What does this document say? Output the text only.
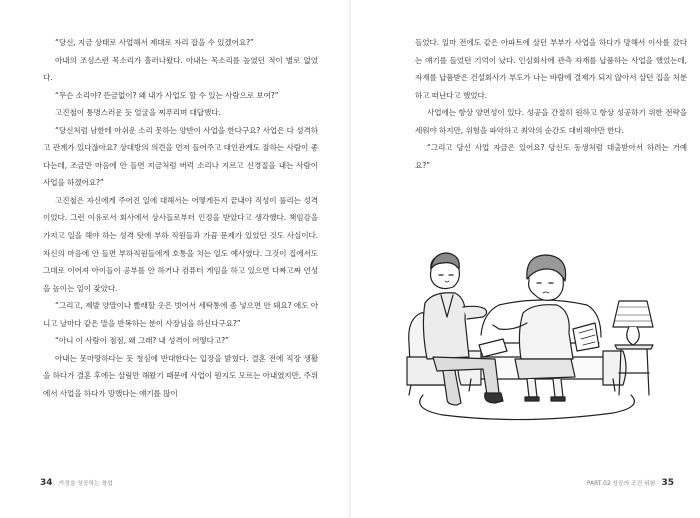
“당신, 지금 상태로 사업해서 제대로 자리 잡을 수 있겠어요?”

아내의 조심스런 목소리가 흘러나왔다. 아내는 목소리를 높였던 적이 별로 없었다.

“무슨 소리야? 뜬금없이? 왜 내가 사업도 할 수 있는 사람으로 보여?”

고진철이 퉁명스러운 듯 얼굴을 찌푸리며 대답했다.

“당신처럼 남한테 아쉬운 소리 못하는 양반이 사업을 한다구요? 사업은 다 성격하고 관계가 있다잖아요? 상대방의 의견을 먼저 들어주고 대인관계도 잘하는 사람이 좋다는데, 조금만 마음에 안 들면 지금처럼 버럭 소리나 지르고 신경질을 내는 사람이 사업을 하겠어요?”

고진철은 자신에게 주어진 일에 대해서는 어떻게든지 끝내야 직성이 풀리는 성격이었다. 그런 이유로서 회사에서 상사들로부터 인정을 받았다고 생각했다. 책임감을 가지고 일을 해야 하는 성격 탓에 부하 직원들과 가끔 문제가 있었던 것도 사실이다. 자신의 마음에 안 들면 부하직원들에게 호통을 치는 일도 예사였다. 그것이 집에서도 그대로 이어져 아이들이 공부를 안 하거나 컴퓨터 게임을 하고 있으면 다짜고짜 언성을 높이는 일이 잦았다.

“그리고, 제발 양말이나 빨래할 옷은 벗어서 세탁통에 좀 넣으면 안 돼요? 애도 아니고 날마다 같은 말을 반복하는 분이 사장님을 하신다구요?”

“아니 이 사람이 점점, 왜 그래? 내 성격이 어떻다고?”

아내는 못마땅하다는 듯 청심에 반대한다는 입장을 밝혔다. 결혼 전에 직장 생활을 하다가 결혼 후에는 살림만 해왔기 때문에 사업이 뭔지도 모르는 아내였지만, 주위에서 사업을 하다가 망했다는 얘기를 많이

34 가정을 성공하는 창업

들었다. 일마 전에도 같은 아파트에 살던 부부가 사업을 하다가 망해서 이사를 갔다는 얘기를 들었던 기억이 났다. 인심회사에 관측 자재를 납품하는 사업을 했었는데, 자재를 납품받은 건설회사가 부도가 나는 바람에 결제가 되지 않아서 살던 집을 처분하고 떠난다고 했었다.

사업에는 항상 양면성이 있다. 성공을 간절히 원하고 항상 성공하기 위한 전략을 세워야 하지만, 위험을 파악하고 최악의 순간도 대비해야만 한다.

“그리고 당신 사업 자금은 있어요? 당신도 동생처럼 대출받아서 하려는 거예요?”

PART 02 성공의 조건 위험 35
